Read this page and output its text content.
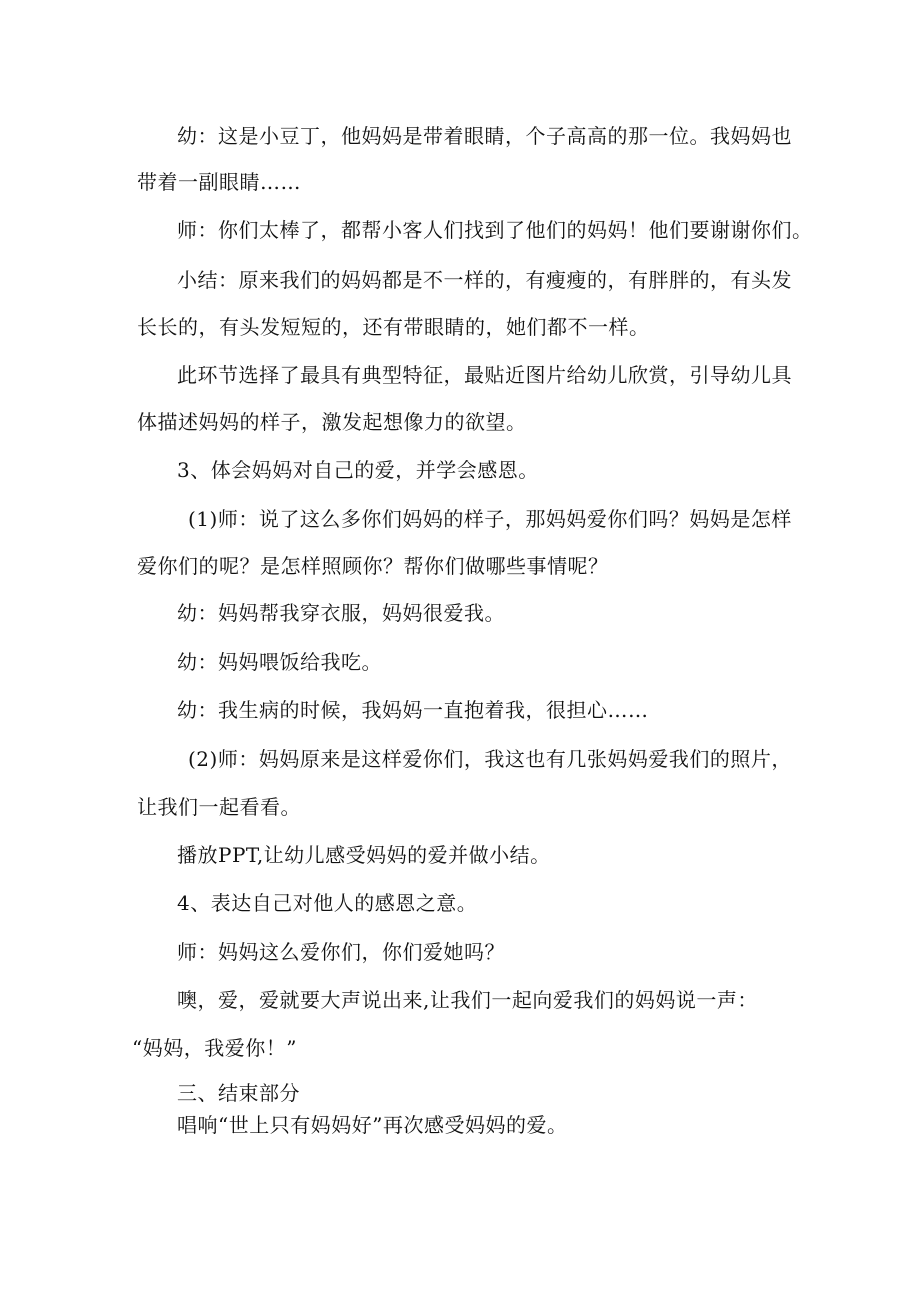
幼：这是小豆丁，他妈妈是带着眼睛，个子高高的那一位。我妈妈也

带着一副眼睛……

师：你们太棒了，都帮小客人们找到了他们的妈妈！他们要谢谢你们。

小结：原来我们的妈妈都是不一样的，有瘦瘦的，有胖胖的，有头发

长长的，有头发短短的，还有带眼睛的，她们都不一样。

此环节选择了最具有典型特征，最贴近图片给幼儿欣赏，引导幼儿具

体描述妈妈的样子，激发起想像力的欲望。

3、体会妈妈对自己的爱，并学会感恩。

(1)师：说了这么多你们妈妈的样子，那妈妈爱你们吗？妈妈是怎样

爱你们的呢？是怎样照顾你？帮你们做哪些事情呢？

幼：妈妈帮我穿衣服，妈妈很爱我。

幼：妈妈喂饭给我吃。

幼：我生病的时候，我妈妈一直抱着我，很担心……

(2)师：妈妈原来是这样爱你们，我这也有几张妈妈爱我们的照片，

让我们一起看看。

播放PPT,让幼儿感受妈妈的爱并做小结。

4、表达自己对他人的感恩之意。

师：妈妈这么爱你们，你们爱她吗？

噢，爱，爱就要大声说出来,让我们一起向爱我们的妈妈说一声：

“妈妈，我爱你！”

三、结束部分

唱响“世上只有妈妈好”再次感受妈妈的爱。
